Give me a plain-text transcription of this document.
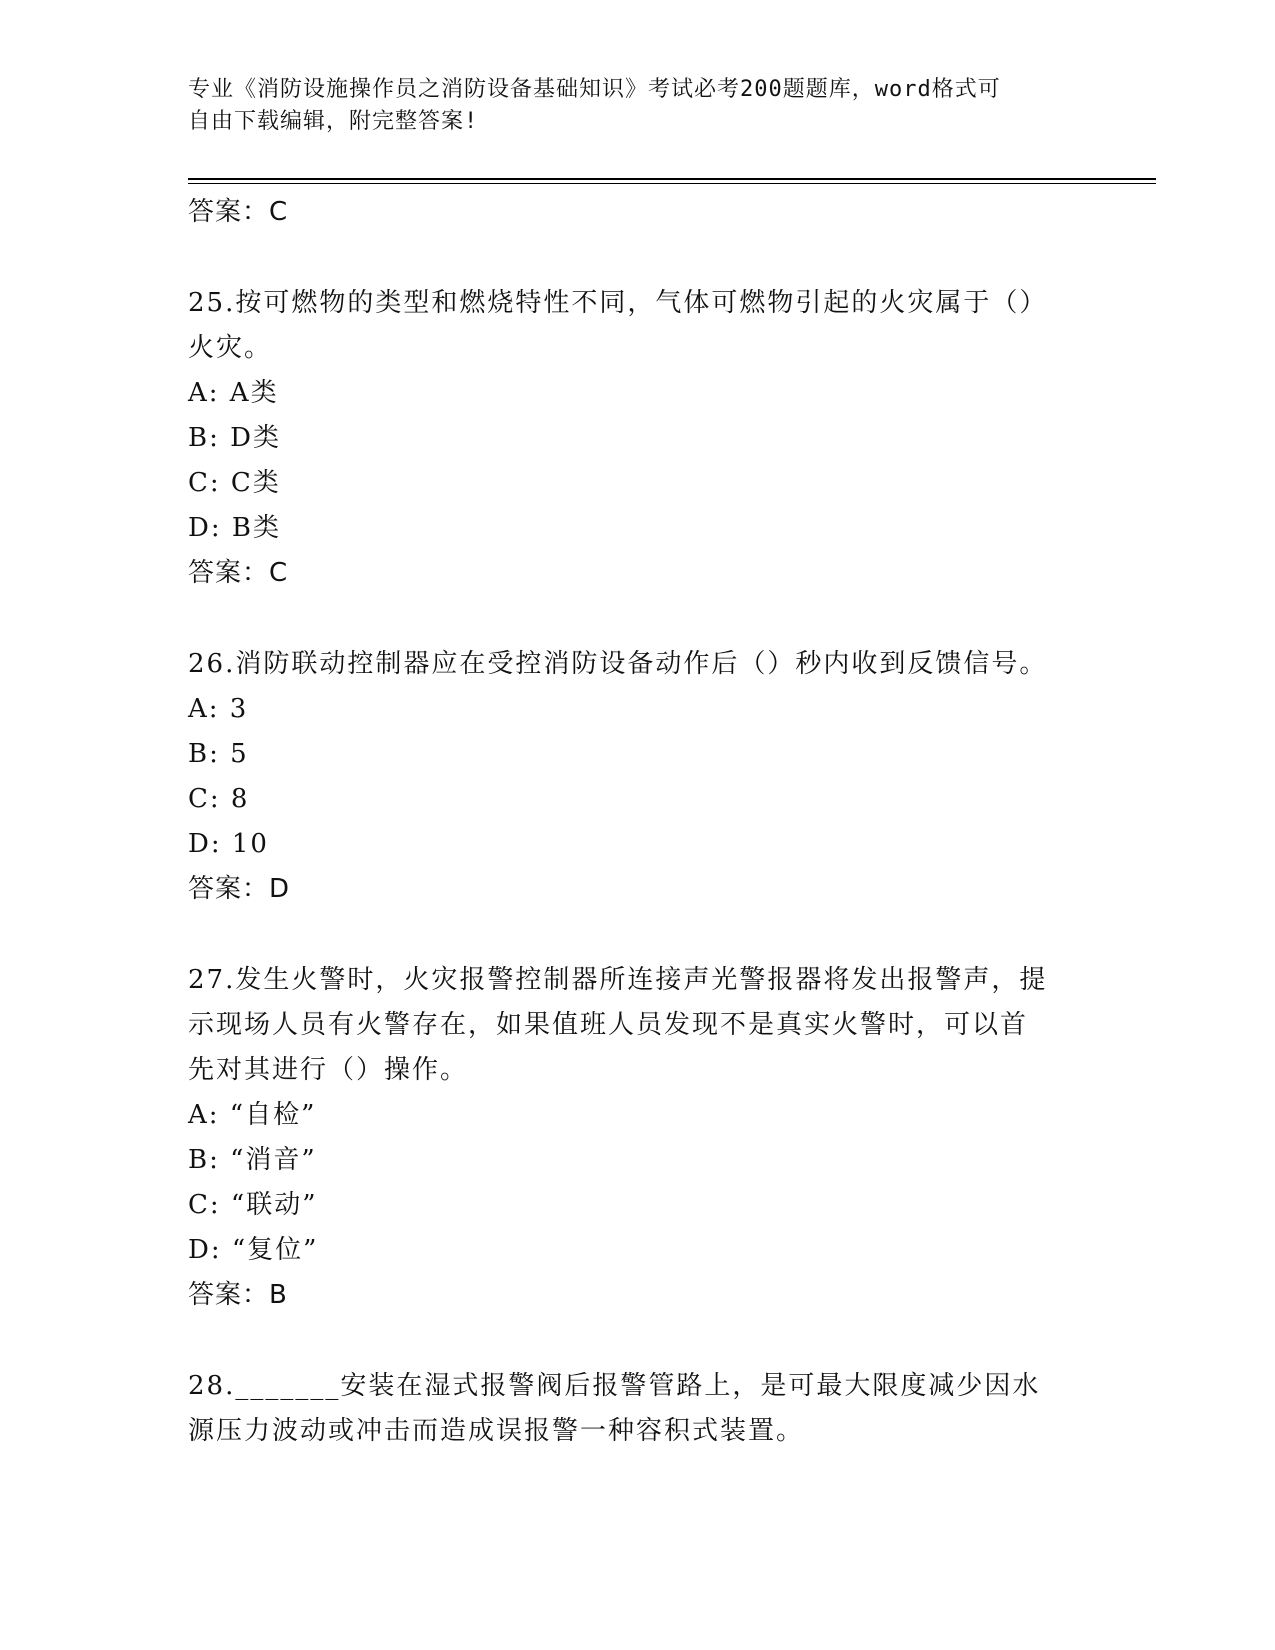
专业《消防设施操作员之消防设备基础知识》考试必考200题题库，word格式可
自由下载编辑，附完整答案!
答案：C
25.按可燃物的类型和燃烧特性不同，气体可燃物引起的火灾属于（）
火灾。
A: A类
B: D类
C: C类
D: B类
答案：C
26.消防联动控制器应在受控消防设备动作后（）秒内收到反馈信号。
A: 3
B: 5
C: 8
D: 10
答案：D
27.发生火警时，火灾报警控制器所连接声光警报器将发出报警声，提
示现场人员有火警存在，如果值班人员发现不是真实火警时，可以首
先对其进行（）操作。
A: “自检”
B: “消音”
C: “联动”
D: “复位”
答案：B
28._______安装在湿式报警阀后报警管路上，是可最大限度减少因水
源压力波动或冲击而造成误报警一种容积式装置。
